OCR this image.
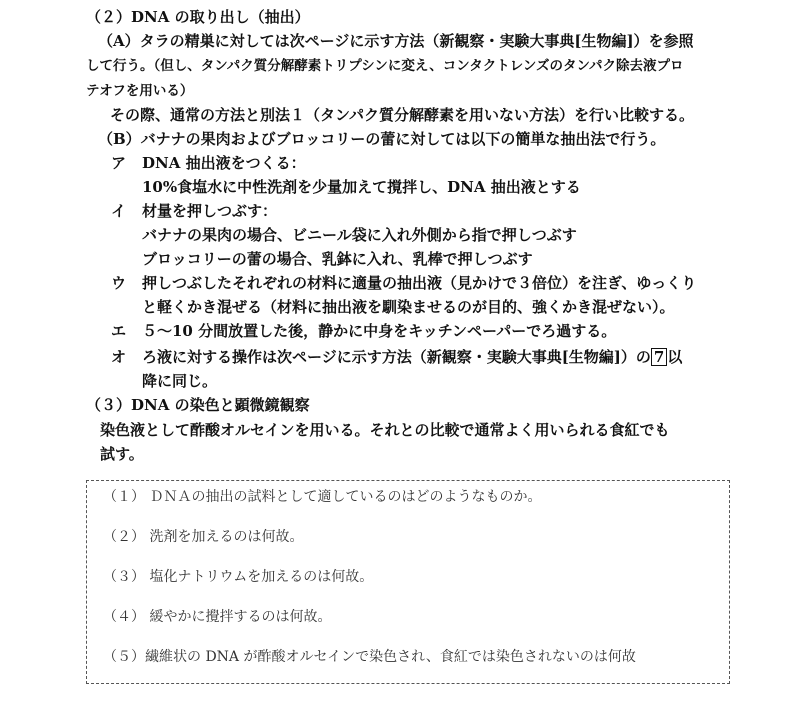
（２）DNA の取り出し（抽出）
（A）タラの精巣に対しては次ページに示す方法（新観察・実験大事典[生物編]）を参照
して行う。（但し、タンパク質分解酵素トリプシンに変え、コンタクトレンズのタンパク除去液プロ
テオフを用いる）
その際、通常の方法と別法１（タンパク質分解酵素を用いない方法）を行い比較する。
（B）バナナの果肉およびブロッコリーの蕾に対しては以下の簡単な抽出法で行う。
ア DNA 抽出液をつくる：
10%食塩水に中性洗剤を少量加えて撹拌し、DNA 抽出液とする
イ 材量を押しつぶす：
バナナの果肉の場合、ビニール袋に入れ外側から指で押しつぶす
ブロッコリーの蕾の場合、乳鉢に入れ、乳棒で押しつぶす
ウ 押しつぶしたそれぞれの材料に適量の抽出液（見かけで３倍位）を注ぎ、ゆっくり
と軽くかき混ぜる（材料に抽出液を馴染ませるのが目的、強くかき混ぜない）。
エ ５～10 分間放置した後，静かに中身をキッチンペーパーでろ過する。
オ ろ液に対する操作は次ページに示す方法（新観察・実験大事典[生物編]）の 7 以
降に同じ。
（３）DNA の染色と顕微鏡観察
染色液として酢酸オルセインを用いる。それとの比較で通常よく用いられる食紅でも
試す。
（１） ＤＮＡの抽出の試料として適しているのはどのようなものか。
（２） 洗剤を加えるのは何故。
（３） 塩化ナトリウムを加えるのは何故。
（４） 緩やかに攪拌するのは何故。
（５）繊維状の DNA が酢酸オルセインで染色され、食紅では染色されないのは何故
